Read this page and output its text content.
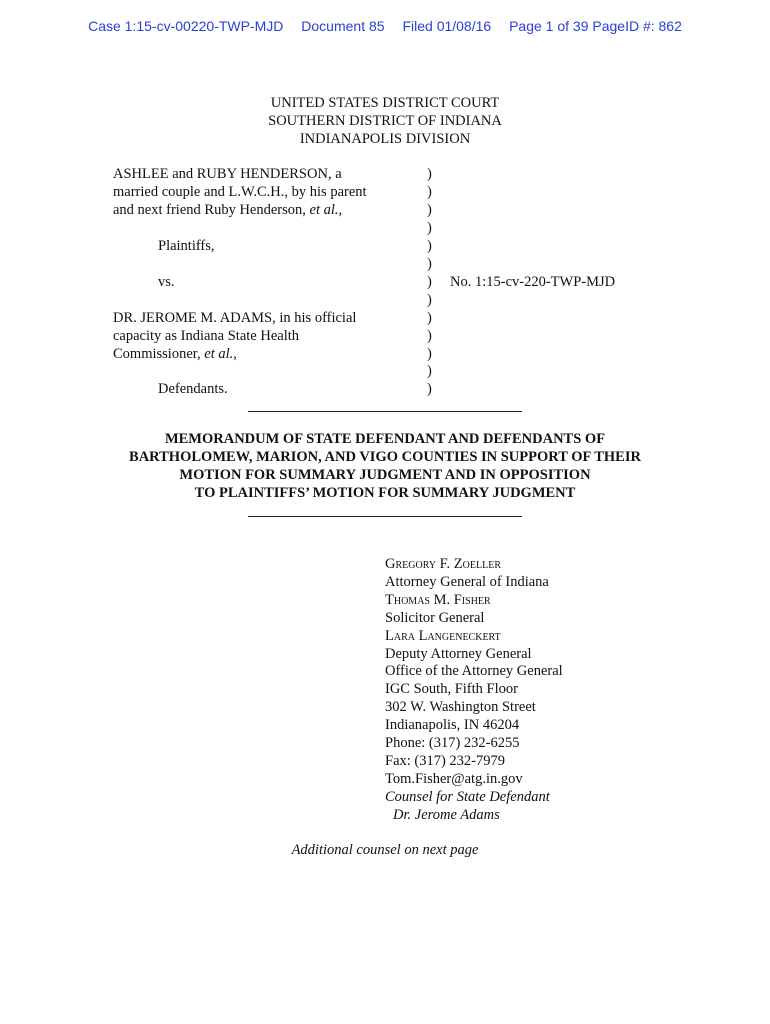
Case 1:15-cv-00220-TWP-MJD Document 85 Filed 01/08/16 Page 1 of 39 PageID #: 862
UNITED STATES DISTRICT COURT
SOUTHERN DISTRICT OF INDIANA
INDIANAPOLIS DIVISION
ASHLEE and RUBY HENDERSON, a
married couple and L.W.C.H., by his parent
and next friend Ruby Henderson, et al.,
Plaintiffs,
vs.	No. 1:15-cv-220-TWP-MJD
DR. JEROME M. ADAMS, in his official
capacity as Indiana State Health
Commissioner, et al.,
Defendants.
)
)
)
)
)
)
)
)
)
)
)
)
)
MEMORANDUM OF STATE DEFENDANT AND DEFENDANTS OF
BARTHOLOMEW, MARION, AND VIGO COUNTIES IN SUPPORT OF THEIR
MOTION FOR SUMMARY JUDGMENT AND IN OPPOSITION
TO PLAINTIFFS’ MOTION FOR SUMMARY JUDGMENT
Gregory F. Zoeller
Attorney General of Indiana
Thomas M. Fisher
Solicitor General
Lara Langeneckert
Deputy Attorney General
Office of the Attorney General
IGC South, Fifth Floor
302 W. Washington Street
Indianapolis, IN 46204
Phone: (317) 232-6255
Fax: (317) 232-7979
Tom.Fisher@atg.in.gov
Counsel for State Defendant
Dr. Jerome Adams
Additional counsel on next page
